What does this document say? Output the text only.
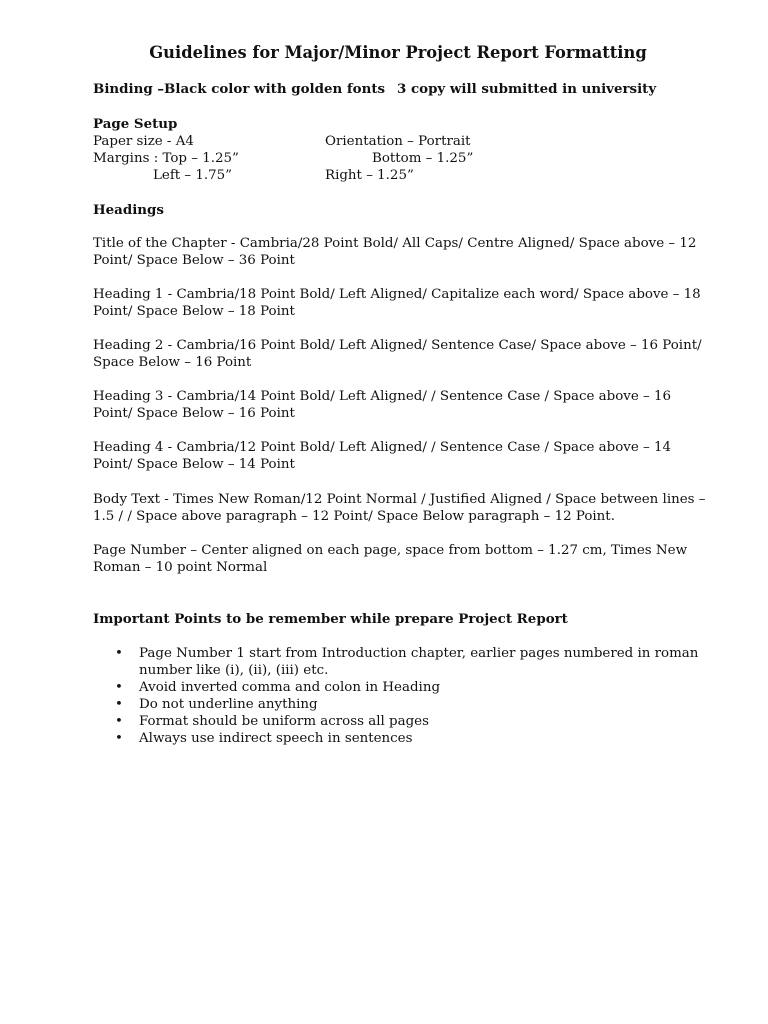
Guidelines for Major/Minor Project Report Formatting
Binding –Black color with golden fonts 3 copy will submitted in university
Page Setup
Paper size - A4	Orientation – Portrait
Margins : Top – 1.25”	Bottom – 1.25”
Left – 1.75”	Right – 1.25”
Headings
Title of the Chapter - Cambria/28 Point Bold/ All Caps/ Centre Aligned/ Space above – 12
Point/ Space Below – 36 Point
Heading 1 - Cambria/18 Point Bold/ Left Aligned/ Capitalize each word/ Space above – 18
Point/ Space Below – 18 Point
Heading 2 - Cambria/16 Point Bold/ Left Aligned/ Sentence Case/ Space above – 16 Point/
Space Below – 16 Point
Heading 3 - Cambria/14 Point Bold/ Left Aligned/ / Sentence Case / Space above – 16
Point/ Space Below – 16 Point
Heading 4 - Cambria/12 Point Bold/ Left Aligned/ / Sentence Case / Space above – 14
Point/ Space Below – 14 Point
Body Text - Times New Roman/12 Point Normal / Justified Aligned / Space between lines –
1.5 / / Space above paragraph – 12 Point/ Space Below paragraph – 12 Point.
Page Number – Center aligned on each page, space from bottom – 1.27 cm, Times New
Roman – 10 point Normal
Important Points to be remember while prepare Project Report
• Page Number 1 start from Introduction chapter, earlier pages numbered in roman
number like (i), (ii), (iii) etc.
• Avoid inverted comma and colon in Heading
• Do not underline anything
• Format should be uniform across all pages
• Always use indirect speech in sentences
